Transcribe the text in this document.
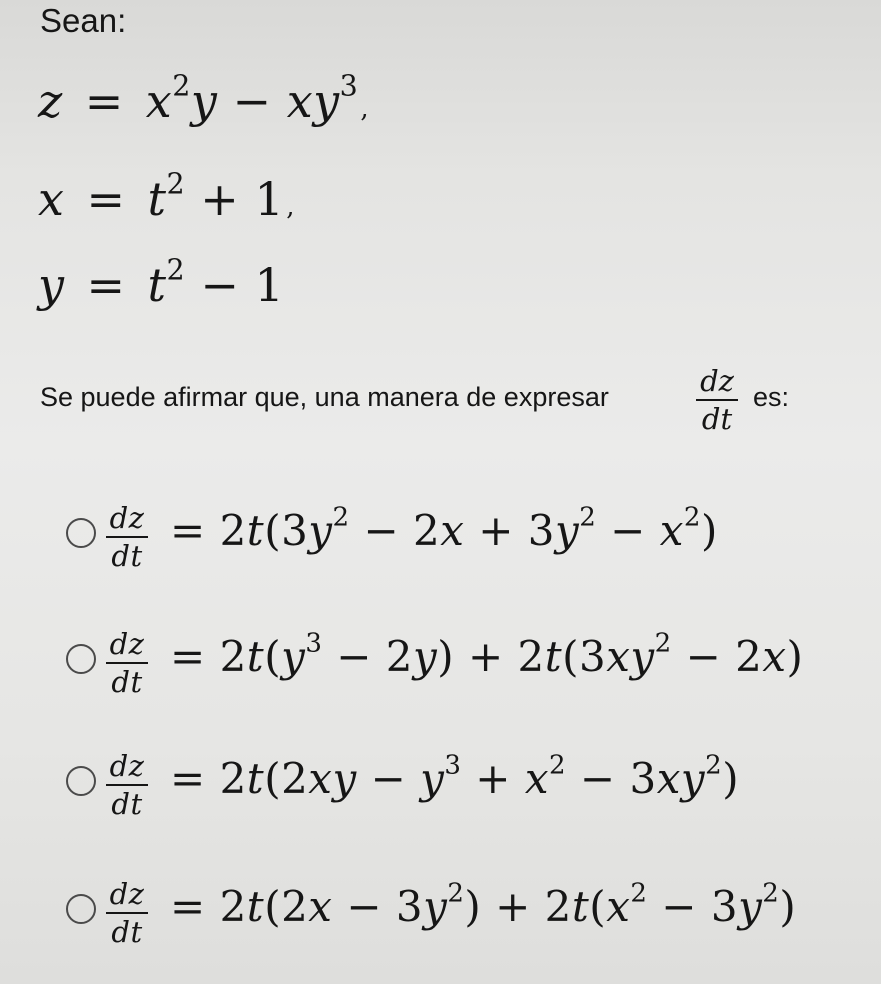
Sean:
$z = x^2y - xy^3$,
$x = t^2 + 1$,
$y = t^2 - 1$
Se puede afirmar que, una manera de expresar	dz
dt
es:
dz
dt
= $2t(3y^2 - 2x + 3y^2 - x^2)$
dz
dt
= $2t(y^3 - 2y) + 2t(3xy^2 - 2x)$
dz
dt
= $2t(2xy - y^3 + x^2 - 3xy^2)$
dz
dt
= $2t(2x - 3y^2) + 2t(x^2 - 3y^2)$
